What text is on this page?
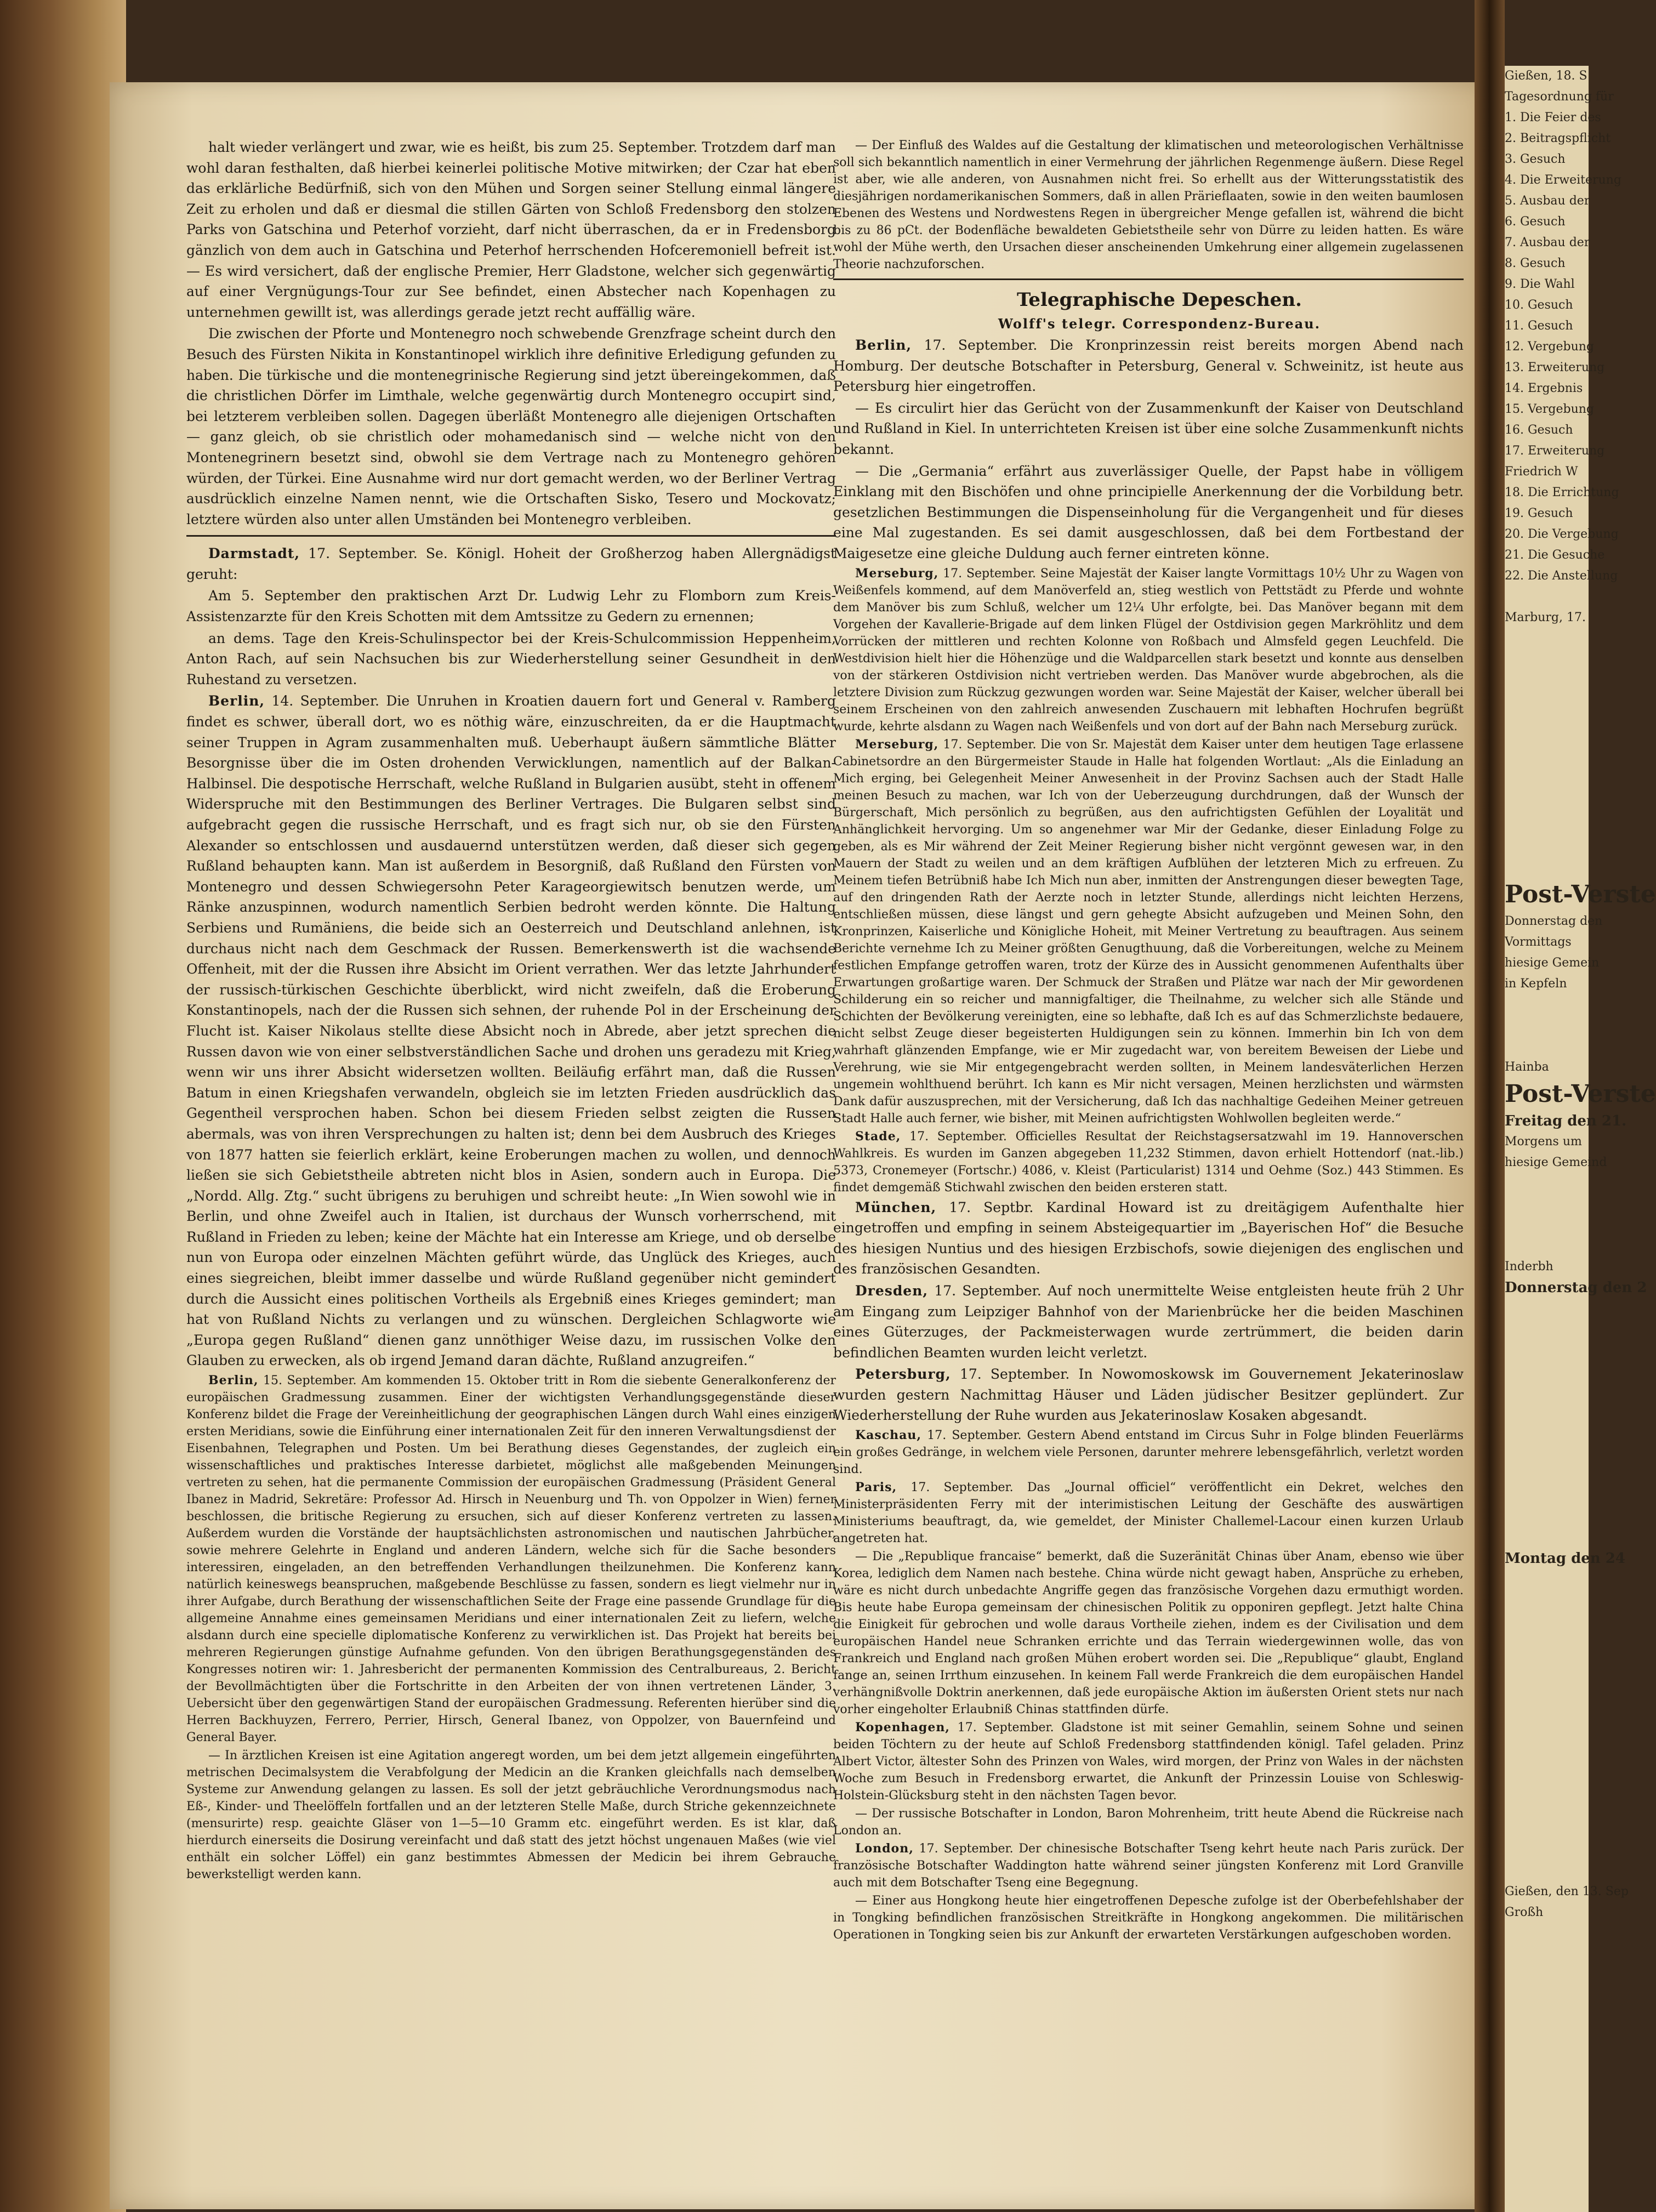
halt wieder verlängert und zwar, wie es heißt, bis zum 25. September. Trotzdem darf man wohl daran festhalten, daß hierbei keinerlei politische Motive mitwirken; der Czar hat eben das erklärliche Bedürfniß, sich von den Mühen und Sorgen seiner Stellung einmal längere Zeit zu erholen und daß er diesmal die stillen Gärten von Schloß Fredensborg den stolzen Parks von Gatschina und Peterhof vorzieht, darf nicht überraschen, da er in Fredensborg gänzlich von dem auch in Gatschina und Peterhof herrschenden Hofceremoniell befreit ist. — Es wird versichert, daß der englische Premier, Herr Gladstone, welcher sich gegenwärtig auf einer Vergnügungs-Tour zur See befindet, einen Abstecher nach Kopenhagen zu unternehmen gewillt ist, was allerdings gerade jetzt recht auffällig wäre.

Die zwischen der Pforte und Montenegro noch schwebende Grenzfrage scheint durch den Besuch des Fürsten Nikita in Konstantinopel wirklich ihre definitive Erledigung gefunden zu haben. Die türkische und die montenegrinische Regierung sind jetzt übereingekommen, daß die christlichen Dörfer im Limthale, welche gegenwärtig durch Montenegro occupirt sind, bei letzterem verbleiben sollen. Dagegen überläßt Montenegro alle diejenigen Ortschaften — ganz gleich, ob sie christlich oder mohamedanisch sind — welche nicht von den Montenegrinern besetzt sind, obwohl sie dem Vertrage nach zu Montenegro gehören würden, der Türkei. Eine Ausnahme wird nur dort gemacht werden, wo der Berliner Vertrag ausdrücklich einzelne Namen nennt, wie die Ortschaften Sisko, Tesero und Mockovatz; letztere würden also unter allen Umständen bei Montenegro verbleiben.

Darmstadt, 17. September. Se. Königl. Hoheit der Großherzog haben Allergnädigst geruht:

Am 5. September den praktischen Arzt Dr. Ludwig Lehr zu Flomborn zum Kreis-Assistenzarzte für den Kreis Schotten mit dem Amtssitze zu Gedern zu ernennen;

an dems. Tage den Kreis-Schulinspector bei der Kreis-Schulcommission Heppenheim, Anton Rach, auf sein Nachsuchen bis zur Wiederherstellung seiner Gesundheit in den Ruhestand zu versetzen.

Berlin, 14. September. Die Unruhen in Kroatien dauern fort und General v. Ramberg findet es schwer, überall dort, wo es nöthig wäre, einzuschreiten, da er die Hauptmacht seiner Truppen in Agram zusammenhalten muß. Ueberhaupt äußern sämmtliche Blätter Besorgnisse über die im Osten drohenden Verwicklungen, namentlich auf der Balkan-Halbinsel. Die despotische Herrschaft, welche Rußland in Bulgarien ausübt, steht in offenem Widerspruche mit den Bestimmungen des Berliner Vertrages. Die Bulgaren selbst sind aufgebracht gegen die russische Herrschaft, und es fragt sich nur, ob sie den Fürsten Alexander so entschlossen und ausdauernd unterstützen werden, daß dieser sich gegen Rußland behaupten kann. Man ist außerdem in Besorgniß, daß Rußland den Fürsten von Montenegro und dessen Schwiegersohn Peter Karageorgiewitsch benutzen werde, um Ränke anzuspinnen, wodurch namentlich Serbien bedroht werden könnte. Die Haltung Serbiens und Rumäniens, die beide sich an Oesterreich und Deutschland anlehnen, ist durchaus nicht nach dem Geschmack der Russen. Bemerkenswerth ist die wachsende Offenheit, mit der die Russen ihre Absicht im Orient verrathen. Wer das letzte Jahrhundert der russisch-türkischen Geschichte überblickt, wird nicht zweifeln, daß die Eroberung Konstantinopels, nach der die Russen sich sehnen, der ruhende Pol in der Erscheinung der Flucht ist. Kaiser Nikolaus stellte diese Absicht noch in Abrede, aber jetzt sprechen die Russen davon wie von einer selbstverständlichen Sache und drohen uns geradezu mit Krieg, wenn wir uns ihrer Absicht widersetzen wollten. Beiläufig erfährt man, daß die Russen Batum in einen Kriegshafen verwandeln, obgleich sie im letzten Frieden ausdrücklich das Gegentheil versprochen haben. Schon bei diesem Frieden selbst zeigten die Russen abermals, was von ihren Versprechungen zu halten ist; denn bei dem Ausbruch des Krieges von 1877 hatten sie feierlich erklärt, keine Eroberungen machen zu wollen, und dennoch ließen sie sich Gebietstheile abtreten nicht blos in Asien, sondern auch in Europa. Die „Nordd. Allg. Ztg.“ sucht übrigens zu beruhigen und schreibt heute: „In Wien sowohl wie in Berlin, und ohne Zweifel auch in Italien, ist durchaus der Wunsch vorherrschend, mit Rußland in Frieden zu leben; keine der Mächte hat ein Interesse am Kriege, und ob derselbe nun von Europa oder einzelnen Mächten geführt würde, das Unglück des Krieges, auch eines siegreichen, bleibt immer dasselbe und würde Rußland gegenüber nicht gemindert durch die Aussicht eines politischen Vortheils als Ergebniß eines Krieges gemindert; man hat von Rußland Nichts zu verlangen und zu wünschen. Dergleichen Schlagworte wie „Europa gegen Rußland“ dienen ganz unnöthiger Weise dazu, im russischen Volke den Glauben zu erwecken, als ob irgend Jemand daran dächte, Rußland anzugreifen.“

Berlin, 15. September. Am kommenden 15. Oktober tritt in Rom die siebente Generalkonferenz der europäischen Gradmessung zusammen. Einer der wichtigsten Verhandlungsgegenstände dieser Konferenz bildet die Frage der Vereinheitlichung der geographischen Längen durch Wahl eines einzigen ersten Meridians, sowie die Einführung einer internationalen Zeit für den inneren Verwaltungsdienst der Eisenbahnen, Telegraphen und Posten. Um bei Berathung dieses Gegenstandes, der zugleich ein wissenschaftliches und praktisches Interesse darbietet, möglichst alle maßgebenden Meinungen vertreten zu sehen, hat die permanente Commission der europäischen Gradmessung (Präsident General Ibanez in Madrid, Sekretäre: Professor Ad. Hirsch in Neuenburg und Th. von Oppolzer in Wien) ferner beschlossen, die britische Regierung zu ersuchen, sich auf dieser Konferenz vertreten zu lassen. Außerdem wurden die Vorstände der hauptsächlichsten astronomischen und nautischen Jahrbücher, sowie mehrere Gelehrte in England und anderen Ländern, welche sich für die Sache besonders interessiren, eingeladen, an den betreffenden Verhandlungen theilzunehmen. Die Konferenz kann natürlich keineswegs beanspruchen, maßgebende Beschlüsse zu fassen, sondern es liegt vielmehr nur in ihrer Aufgabe, durch Berathung der wissenschaftlichen Seite der Frage eine passende Grundlage für die allgemeine Annahme eines gemeinsamen Meridians und einer internationalen Zeit zu liefern, welche alsdann durch eine specielle diplomatische Konferenz zu verwirklichen ist. Das Projekt hat bereits bei mehreren Regierungen günstige Aufnahme gefunden. Von den übrigen Berathungsgegenständen des Kongresses notiren wir: 1. Jahresbericht der permanenten Kommission des Centralbureaus, 2. Bericht der Bevollmächtigten über die Fortschritte in den Arbeiten der von ihnen vertretenen Länder, 3. Uebersicht über den gegenwärtigen Stand der europäischen Gradmessung. Referenten hierüber sind die Herren Backhuyzen, Ferrero, Perrier, Hirsch, General Ibanez, von Oppolzer, von Bauernfeind und General Bayer.

— In ärztlichen Kreisen ist eine Agitation angeregt worden, um bei dem jetzt allgemein eingeführten metrischen Decimalsystem die Verabfolgung der Medicin an die Kranken gleichfalls nach demselben Systeme zur Anwendung gelangen zu lassen. Es soll der jetzt gebräuchliche Verordnungsmodus nach Eß-, Kinder- und Theelöffeln fortfallen und an der letzteren Stelle Maße, durch Striche gekennzeichnete (mensurirte) resp. geaichte Gläser von 1—5—10 Gramm etc. eingeführt werden. Es ist klar, daß hierdurch einerseits die Dosirung vereinfacht und daß statt des jetzt höchst ungenauen Maßes (wie viel enthält ein solcher Löffel) ein ganz bestimmtes Abmessen der Medicin bei ihrem Gebrauche bewerkstelligt werden kann.

— Der Einfluß des Waldes auf die Gestaltung der klimatischen und meteorologischen Verhältnisse soll sich bekanntlich namentlich in einer Vermehrung der jährlichen Regenmenge äußern. Diese Regel ist aber, wie alle anderen, von Ausnahmen nicht frei. So erhellt aus der Witterungsstatistik des diesjährigen nordamerikanischen Sommers, daß in allen Prärieflaaten, sowie in den weiten baumlosen Ebenen des Westens und Nordwestens Regen in übergreicher Menge gefallen ist, während die bicht bis zu 86 pCt. der Bodenfläche bewaldeten Gebietstheile sehr von Dürre zu leiden hatten. Es wäre wohl der Mühe werth, den Ursachen dieser anscheinenden Umkehrung einer allgemein zugelassenen Theorie nachzuforschen.

Telegraphische Depeschen.

Wolff's telegr. Correspondenz-Bureau.

Berlin, 17. September. Die Kronprinzessin reist bereits morgen Abend nach Homburg. Der deutsche Botschafter in Petersburg, General v. Schweinitz, ist heute aus Petersburg hier eingetroffen.

— Es circulirt hier das Gerücht von der Zusammenkunft der Kaiser von Deutschland und Rußland in Kiel. In unterrichteten Kreisen ist über eine solche Zusammenkunft nichts bekannt.

— Die „Germania“ erfährt aus zuverlässiger Quelle, der Papst habe in völligem Einklang mit den Bischöfen und ohne principielle Anerkennung der die Vorbildung betr. gesetzlichen Bestimmungen die Dispenseinholung für die Vergangenheit und für dieses eine Mal zugestanden. Es sei damit ausgeschlossen, daß bei dem Fortbestand der Maigesetze eine gleiche Duldung auch ferner eintreten könne.

Merseburg, 17. September. Seine Majestät der Kaiser langte Vormittags 10½ Uhr zu Wagen von Weißenfels kommend, auf dem Manöverfeld an, stieg westlich von Pettstädt zu Pferde und wohnte dem Manöver bis zum Schluß, welcher um 12¼ Uhr erfolgte, bei. Das Manöver begann mit dem Vorgehen der Kavallerie-Brigade auf dem linken Flügel der Ostdivision gegen Markröhlitz und dem Vorrücken der mittleren und rechten Kolonne von Roßbach und Almsfeld gegen Leuchfeld. Die Westdivision hielt hier die Höhenzüge und die Waldparcellen stark besetzt und konnte aus denselben von der stärkeren Ostdivision nicht vertrieben werden. Das Manöver wurde abgebrochen, als die letztere Division zum Rückzug gezwungen worden war. Seine Majestät der Kaiser, welcher überall bei seinem Erscheinen von den zahlreich anwesenden Zuschauern mit lebhaften Hochrufen begrüßt wurde, kehrte alsdann zu Wagen nach Weißenfels und von dort auf der Bahn nach Merseburg zurück.

Merseburg, 17. September. Die von Sr. Majestät dem Kaiser unter dem heutigen Tage erlassene Cabinetsordre an den Bürgermeister Staude in Halle hat folgenden Wortlaut: „Als die Einladung an Mich erging, bei Gelegenheit Meiner Anwesenheit in der Provinz Sachsen auch der Stadt Halle meinen Besuch zu machen, war Ich von der Ueberzeugung durchdrungen, daß der Wunsch der Bürgerschaft, Mich persönlich zu begrüßen, aus den aufrichtigsten Gefühlen der Loyalität und Anhänglichkeit hervorging. Um so angenehmer war Mir der Gedanke, dieser Einladung Folge zu geben, als es Mir während der Zeit Meiner Regierung bisher nicht vergönnt gewesen war, in den Mauern der Stadt zu weilen und an dem kräftigen Aufblühen der letzteren Mich zu erfreuen. Zu Meinem tiefen Betrübniß habe Ich Mich nun aber, inmitten der Anstrengungen dieser bewegten Tage, auf den dringenden Rath der Aerzte noch in letzter Stunde, allerdings nicht leichten Herzens, entschließen müssen, diese längst und gern gehegte Absicht aufzugeben und Meinen Sohn, den Kronprinzen, Kaiserliche und Königliche Hoheit, mit Meiner Vertretung zu beauftragen. Aus seinem Berichte vernehme Ich zu Meiner größten Genugthuung, daß die Vorbereitungen, welche zu Meinem festlichen Empfange getroffen waren, trotz der Kürze des in Aussicht genommenen Aufenthalts über Erwartungen großartige waren. Der Schmuck der Straßen und Plätze war nach der Mir gewordenen Schilderung ein so reicher und mannigfaltiger, die Theilnahme, zu welcher sich alle Stände und Schichten der Bevölkerung vereinigten, eine so lebhafte, daß Ich es auf das Schmerzlichste bedauere, nicht selbst Zeuge dieser begeisterten Huldigungen sein zu können. Immerhin bin Ich von dem wahrhaft glänzenden Empfange, wie er Mir zugedacht war, von bereitem Beweisen der Liebe und Verehrung, wie sie Mir entgegengebracht werden sollten, in Meinem landesväterlichen Herzen ungemein wohlthuend berührt. Ich kann es Mir nicht versagen, Meinen herzlichsten und wärmsten Dank dafür auszusprechen, mit der Versicherung, daß Ich das nachhaltige Gedeihen Meiner getreuen Stadt Halle auch ferner, wie bisher, mit Meinen aufrichtigsten Wohlwollen begleiten werde.“

Stade, 17. September. Officielles Resultat der Reichstagsersatzwahl im 19. Hannoverschen Wahlkreis. Es wurden im Ganzen abgegeben 11,232 Stimmen, davon erhielt Hottendorf (nat.-lib.) 5373, Cronemeyer (Fortschr.) 4086, v. Kleist (Particularist) 1314 und Oehme (Soz.) 443 Stimmen. Es findet demgemäß Stichwahl zwischen den beiden ersteren statt.

München, 17. Septbr. Kardinal Howard ist zu dreitägigem Aufenthalte hier eingetroffen und empfing in seinem Absteigequartier im „Bayerischen Hof“ die Besuche des hiesigen Nuntius und des hiesigen Erzbischofs, sowie diejenigen des englischen und des französischen Gesandten.

Dresden, 17. September. Auf noch unermittelte Weise entgleisten heute früh 2 Uhr am Eingang zum Leipziger Bahnhof von der Marienbrücke her die beiden Maschinen eines Güterzuges, der Packmeisterwagen wurde zertrümmert, die beiden darin befindlichen Beamten wurden leicht verletzt.

Petersburg, 17. September. In Nowomoskowsk im Gouvernement Jekaterinoslaw wurden gestern Nachmittag Häuser und Läden jüdischer Besitzer geplündert. Zur Wiederherstellung der Ruhe wurden aus Jekaterinoslaw Kosaken abgesandt.

Kaschau, 17. September. Gestern Abend entstand im Circus Suhr in Folge blinden Feuerlärms ein großes Gedränge, in welchem viele Personen, darunter mehrere lebensgefährlich, verletzt worden sind.

Paris, 17. September. Das „Journal officiel“ veröffentlicht ein Dekret, welches den Ministerpräsidenten Ferry mit der interimistischen Leitung der Geschäfte des auswärtigen Ministeriums beauftragt, da, wie gemeldet, der Minister Challemel-Lacour einen kurzen Urlaub angetreten hat.

— Die „Republique francaise“ bemerkt, daß die Suzeränität Chinas über Anam, ebenso wie über Korea, lediglich dem Namen nach bestehe. China würde nicht gewagt haben, Ansprüche zu erheben, wäre es nicht durch unbedachte Angriffe gegen das französische Vorgehen dazu ermuthigt worden. Bis heute habe Europa gemeinsam der chinesischen Politik zu opponiren gepflegt. Jetzt halte China die Einigkeit für gebrochen und wolle daraus Vortheile ziehen, indem es der Civilisation und dem europäischen Handel neue Schranken errichte und das Terrain wiedergewinnen wolle, das von Frankreich und England nach großen Mühen erobert worden sei. Die „Republique“ glaubt, England fange an, seinen Irrthum einzusehen. In keinem Fall werde Frankreich die dem europäischen Handel verhängnißvolle Doktrin anerkennen, daß jede europäische Aktion im äußersten Orient stets nur nach vorher eingeholter Erlaubniß Chinas stattfinden dürfe.

Kopenhagen, 17. September. Gladstone ist mit seiner Gemahlin, seinem Sohne und seinen beiden Töchtern zu der heute auf Schloß Fredensborg stattfindenden königl. Tafel geladen. Prinz Albert Victor, ältester Sohn des Prinzen von Wales, wird morgen, der Prinz von Wales in der nächsten Woche zum Besuch in Fredensborg erwartet, die Ankunft der Prinzessin Louise von Schleswig-Holstein-Glücksburg steht in den nächsten Tagen bevor.

— Der russische Botschafter in London, Baron Mohrenheim, tritt heute Abend die Rückreise nach London an.

London, 17. September. Der chinesische Botschafter Tseng kehrt heute nach Paris zurück. Der französische Botschafter Waddington hatte während seiner jüngsten Konferenz mit Lord Granville auch mit dem Botschafter Tseng eine Begegnung.

— Einer aus Hongkong heute hier eingetroffenen Depesche zufolge ist der Oberbefehlshaber der in Tongking befindlichen französischen Streitkräfte in Hongkong angekommen. Die militärischen Operationen in Tongking seien bis zur Ankunft der erwarteten Verstärkungen aufgeschoben worden.

Gießen, 18. S

Tagesordnung für

1. Die Feier des

2. Beitragspflicht

3. Gesuch

4. Die Erweiterung

5. Ausbau der

6. Gesuch

7. Ausbau der

8. Gesuch

9. Die Wahl

10. Gesuch

11. Gesuch

12. Vergebung

13. Erweiterung

14. Ergebnis

15. Vergebung

16. Gesuch

17. Erweiterung

Friedrich W

18. Die Errichtung

19. Gesuch

20. Die Vergebung

21. Die Gesuche

22. Die Anstellung

Marburg, 17.

Post-Verste

Donnerstag den

Vormittags

hiesige Gemein

in Kepfeln

Hainba

Post-Verste

Freitag den 21.

Morgens um

hiesige Gemeind

Inderbh

Donnerstag den 2

Montag den 24

Gießen, den 13. Sep

Großh
